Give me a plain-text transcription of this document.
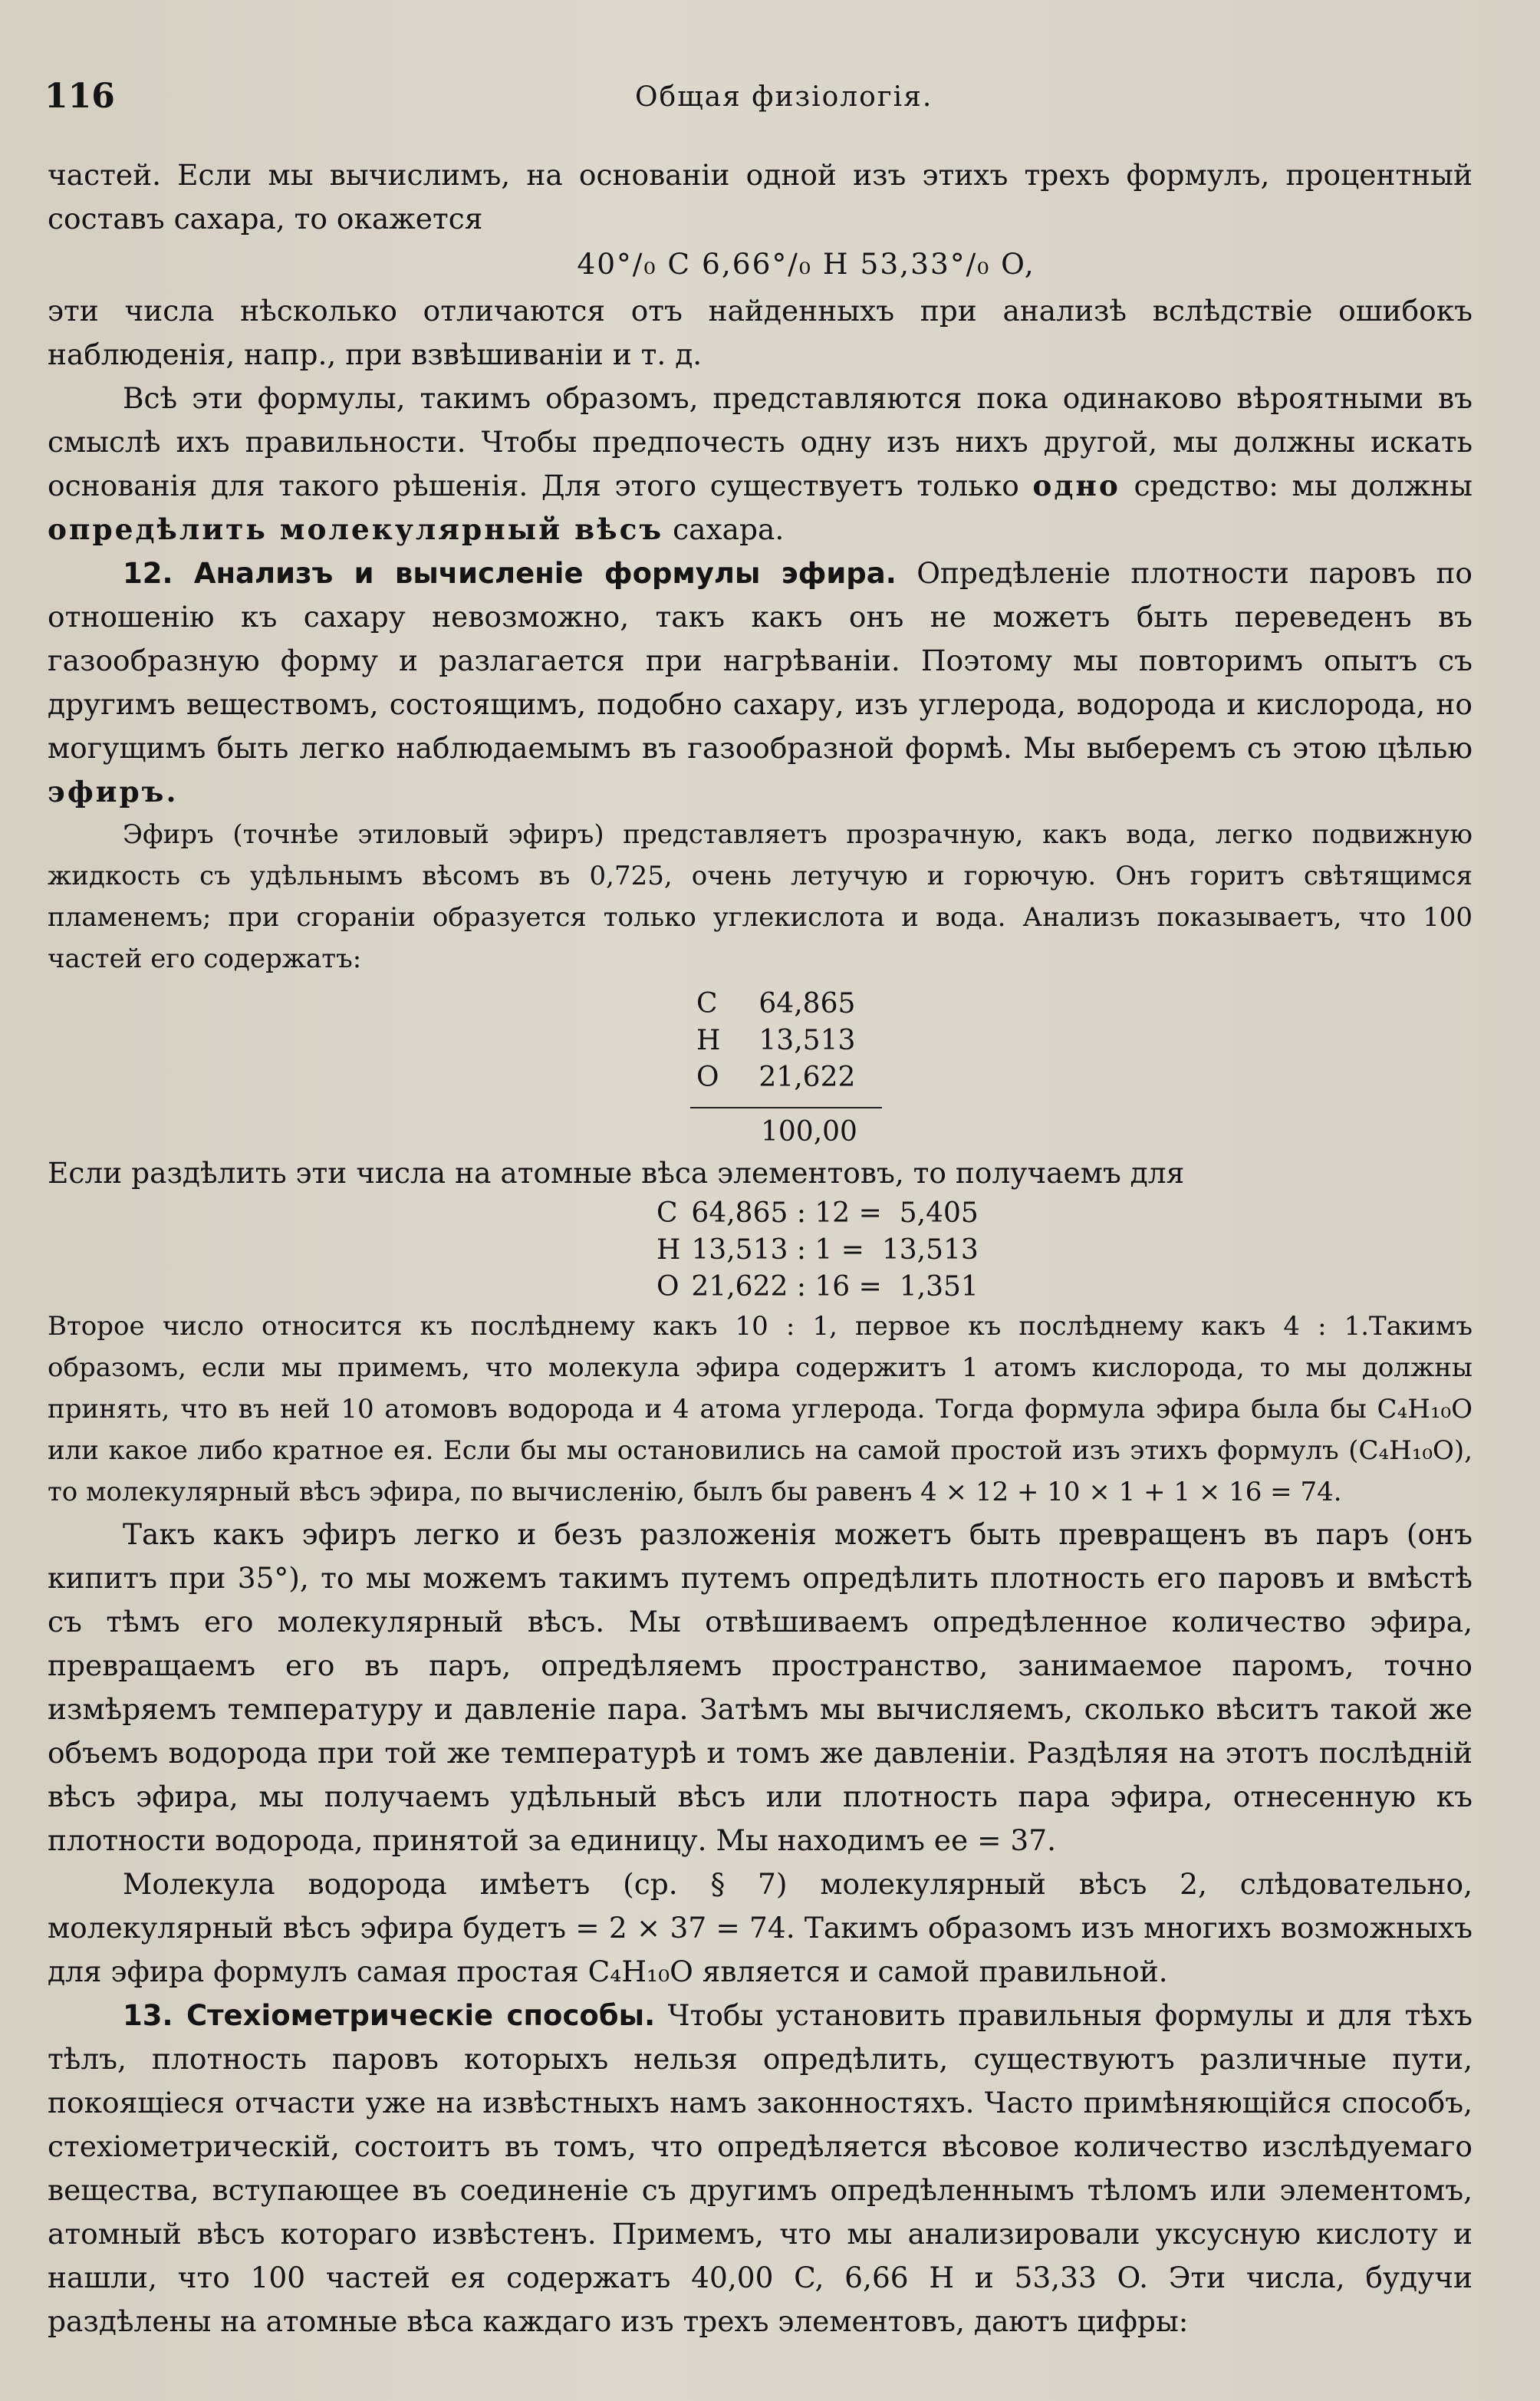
116	Общая физіологія.

частей. Если мы вычислимъ, на основаніи одной изъ этихъ трехъ формулъ, процентный составъ сахара, то окажется

40°/₀ C 6,66°/₀ H 53,33°/₀ O,

эти числа нѣсколько отличаются отъ найденныхъ при анализѣ вслѣдствіе ошибокъ наблюденія, напр., при взвѣшиваніи и т. д.

Всѣ эти формулы, такимъ образомъ, представляются пока одинаково вѣроятными въ смыслѣ ихъ правильности. Чтобы предпочесть одну изъ нихъ другой, мы должны искать основанія для такого рѣшенія. Для этого существуетъ только одно средство: мы должны опредѣлить молекулярный вѣсъ сахара.

12. Анализъ и вычисленіе формулы эфира. Опредѣленіе плотности паровъ по отношенію къ сахару невозможно, такъ какъ онъ не можетъ быть переведенъ въ газообразную форму и разлагается при нагрѣваніи. Поэтому мы повторимъ опытъ съ другимъ веществомъ, состоящимъ, подобно сахару, изъ углерода, водорода и кислорода, но могущимъ быть легко наблюдаемымъ въ газообразной формѣ. Мы выберемъ съ этою цѣлью эфиръ.

Эфиръ (точнѣе этиловый эфиръ) представляетъ прозрачную, какъ вода, легко подвижную жидкость съ удѣльнымъ вѣсомъ въ 0,725, очень летучую и горючую. Онъ горитъ свѣтящимся пламенемъ; при сгораніи образуется только углекислота и вода. Анализъ показываетъ, что 100 частей его содержатъ:

C	64,865
H	13,513
O	21,622
100,00

Если раздѣлить эти числа на атомные вѣса элементовъ, то получаемъ для

C	64,865 : 12 =	5,405
H	13,513 : 1 =	13,513
O	21,622 : 16 =	1,351

Второе число относится къ послѣднему какъ 10 : 1, первое къ послѣднему какъ 4 : 1.Такимъ образомъ, если мы примемъ, что молекула эфира содержитъ 1 атомъ кислорода, то мы должны принять, что въ ней 10 атомовъ водорода и 4 атома углерода. Тогда формула эфира была бы C₄H₁₀O или какое либо кратное ея. Если бы мы остановились на самой простой изъ этихъ формулъ (C₄H₁₀O), то молекулярный вѣсъ эфира, по вычисленію, былъ бы равенъ 4 × 12 + 10 × 1 + 1 × 16 = 74.

Такъ какъ эфиръ легко и безъ разложенія можетъ быть превращенъ въ паръ (онъ кипитъ при 35°), то мы можемъ такимъ путемъ опредѣлить плотность его паровъ и вмѣстѣ съ тѣмъ его молекулярный вѣсъ. Мы отвѣшиваемъ опредѣленное количество эфира, превращаемъ его въ паръ, опредѣляемъ пространство, занимаемое паромъ, точно измѣряемъ температуру и давленіе пара. Затѣмъ мы вычисляемъ, сколько вѣситъ такой же объемъ водорода при той же температурѣ и томъ же давленіи. Раздѣляя на этотъ послѣдній вѣсъ эфира, мы получаемъ удѣльный вѣсъ или плотность пара эфира, отнесенную къ плотности водорода, принятой за единицу. Мы находимъ ее = 37.

Молекула водорода имѣетъ (ср. § 7) молекулярный вѣсъ 2, слѣдовательно, молекулярный вѣсъ эфира будетъ = 2 × 37 = 74. Такимъ образомъ изъ многихъ возможныхъ для эфира формулъ самая простая C₄H₁₀O является и самой правильной.

13. Стехіометрическіе способы. Чтобы установить правильныя формулы и для тѣхъ тѣлъ, плотность паровъ которыхъ нельзя опредѣлить, существуютъ различные пути, покоящіеся отчасти уже на извѣстныхъ намъ законностяхъ. Часто примѣняющійся способъ, стехіометрическій, состоитъ въ томъ, что опредѣляется вѣсовое количество изслѣдуемаго вещества, вступающее въ соединеніе съ другимъ опредѣленнымъ тѣломъ или элементомъ, атомный вѣсъ котораго извѣстенъ. Примемъ, что мы анализировали уксусную кислоту и нашли, что 100 частей ея содержатъ 40,00 C, 6,66 H и 53,33 O. Эти числа, будучи раздѣлены на атомные вѣса каждаго изъ трехъ элементовъ, даютъ цифры:
